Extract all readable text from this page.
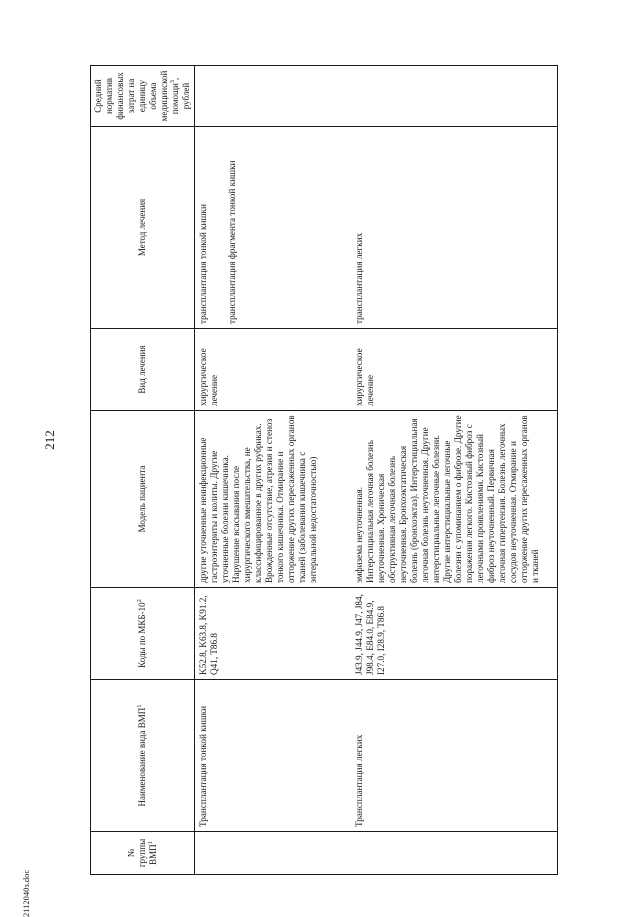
212
2112040з.doc
№ группы ВМП$^1$	Наименование вида ВМП$^1$	Коды по МКБ-$10^2$	Модель пациента	Вид лечения	Метод лечения	Средний норматив финансовых затрат на единицу объема медицинской помощи$^3$, рублей
	Трансплантация тонкой кишки	K52.8, K63.8, K91.2, Q41, T86.8	другие уточненные неинфекционные гастроэнтериты и колиты. Другие уточненные болезни кишечника. Нарушение всасывания после хирургического вмешательства, не классифицированное в других рубриках. Врожденные отсутствие, атрезия и стеноз тонкого кишечника. Отмирание и отторжение других пересаженных органов тканей (заболевания кишечника с энтеральной недостаточностью)	хирургическое лечение	трансплантация тонкой кишки трансплантация фрагмента тонкой кишки	

	Трансплантация легких	J43.9, J44.9, J47, J84, J98.4, E84.0, E84.9, I27.0, I28.9, T86.8	эмфизема неуточненная. Интерстициальная легочная болезнь неуточненная. Хроническая обструктивная легочная болезнь неуточненная. Бронхоэктатическая болезнь (бронхоэктаз). Интерстициальная легочная болезнь неуточненная. Другие интерстициальные легочные болезни. Другие интерстициальные легочные болезни с упоминанием о фиброзе. Другие поражения легкого. Кистозный фиброз с легочными проявлениями. Кистозный фиброз неуточненный. Первичная легочная гипертензия. Болезнь легочных сосудов неуточненная. Отмирание и отторжение других пересаженных органов и тканей	хирургическое лечение	трансплантация легких	
